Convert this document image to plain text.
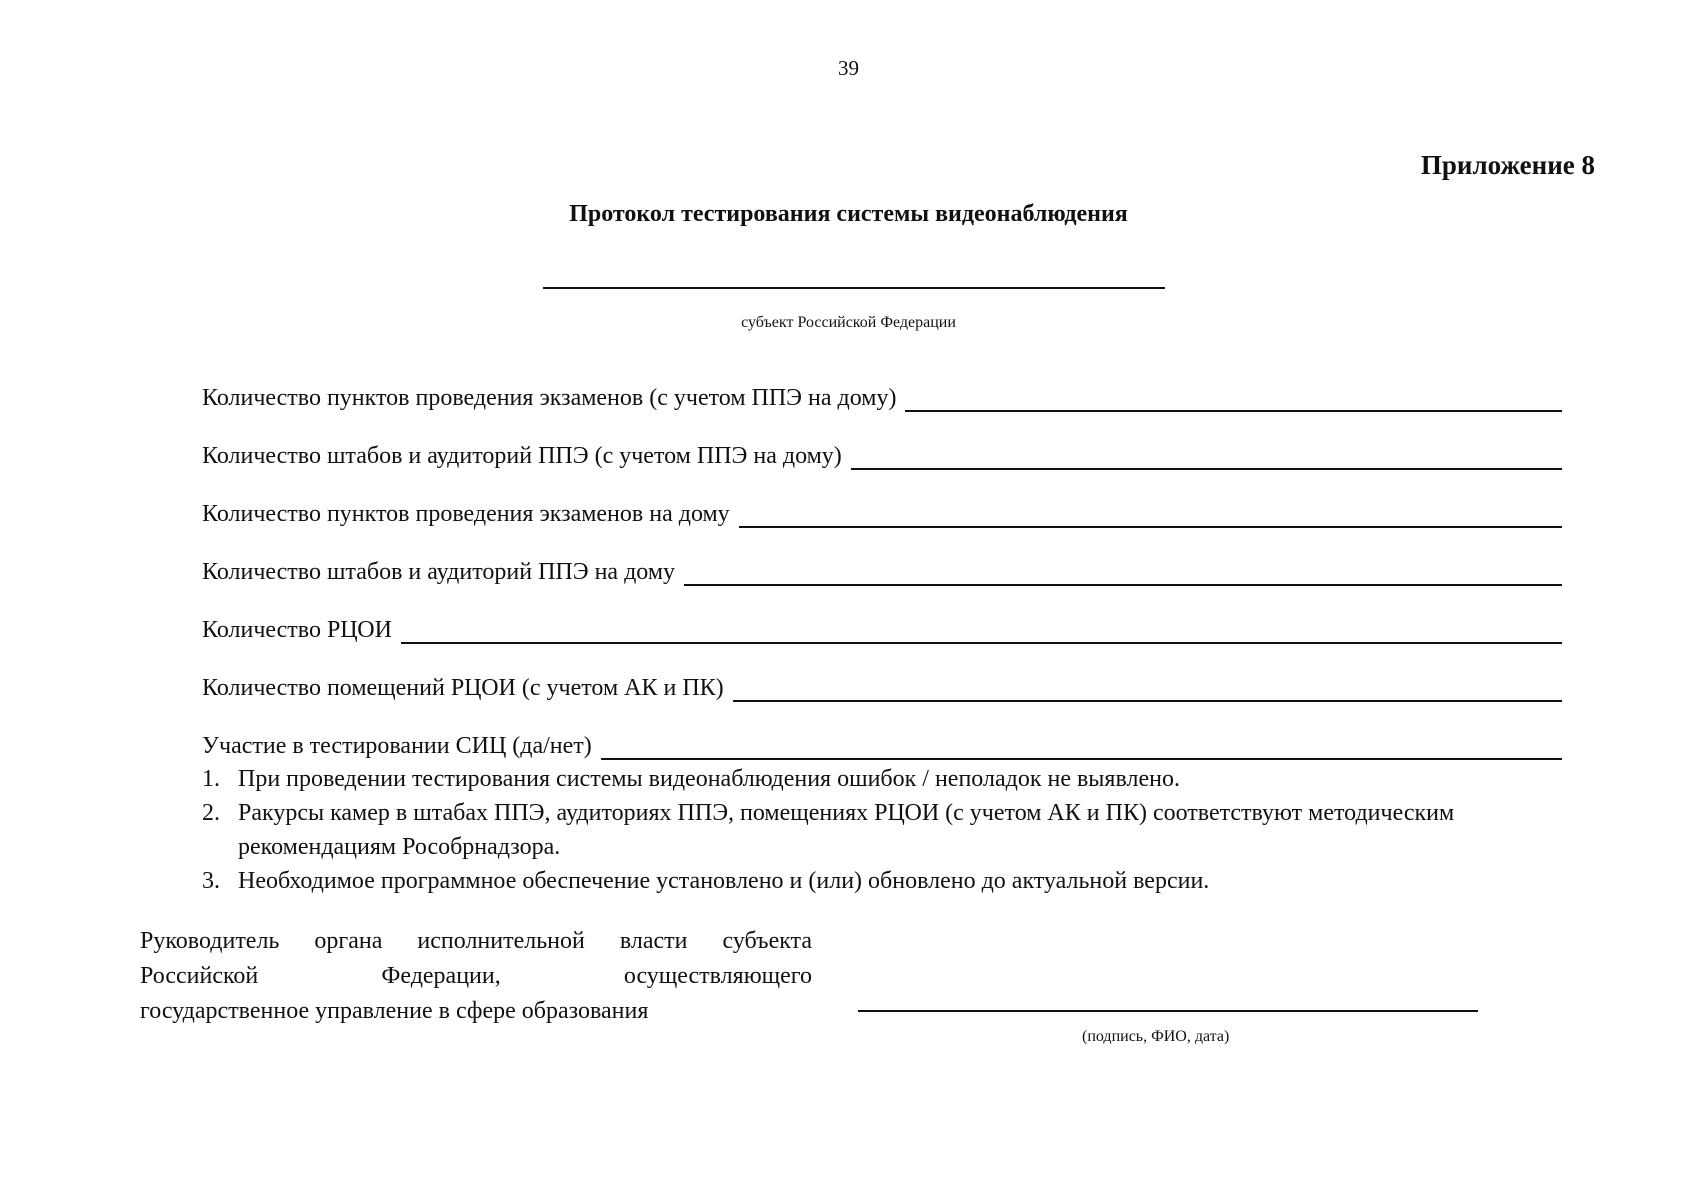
39
Приложение 8
Протокол тестирования системы видеонаблюдения
субъект Российской Федерации
Количество пунктов проведения экзаменов (с учетом ППЭ на дому)
Количество штабов и аудиторий ППЭ (с учетом ППЭ на дому)
Количество пунктов проведения экзаменов на дому
Количество штабов и аудиторий ППЭ на дому
Количество РЦОИ
Количество помещений РЦОИ (с учетом АК и ПК)
Участие в тестировании СИЦ (да/нет)
1. При проведении тестирования системы видеонаблюдения ошибок / неполадок не выявлено.
2. Ракурсы камер в штабах ППЭ, аудиториях ППЭ, помещениях РЦОИ (с учетом АК и ПК) соответствуют методическим рекомендациям Рособрнадзора.
3. Необходимое программное обеспечение установлено и (или) обновлено до актуальной версии.
Руководитель органа исполнительной власти субъекта
Российской Федерации, осуществляющего
государственное управление в сфере образования
(подпись, ФИО, дата)
